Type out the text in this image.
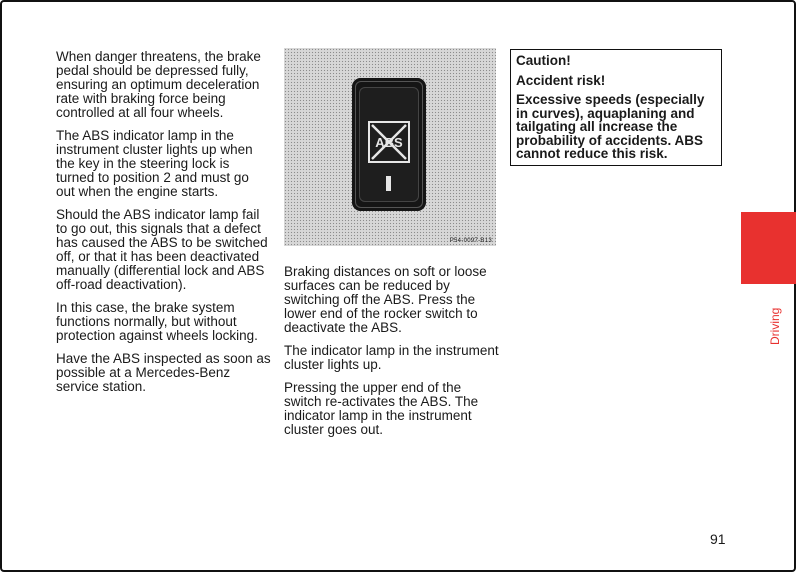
When danger threatens, the brake pedal should be depressed fully, ensuring an optimum deceleration rate with braking force being controlled at all four wheels.

The ABS indicator lamp in the instrument cluster lights up when the key in the steering lock is turned to position 2 and must go out when the engine starts.

Should the ABS indicator lamp fail to go out, this signals that a defect has caused the ABS to be switched off, or that it has been deactivated manually (differential lock and ABS off-road deactivation).

In this case, the brake system functions normally, but without protection against wheels locking.

Have the ABS inspected as soon as possible at a Mercedes-Benz service station.

ABS
P54-0097-B13

Braking distances on soft or loose surfaces can be reduced by switching off the ABS. Press the lower end of the rocker switch to deactivate the ABS.

The indicator lamp in the instrument cluster lights up.

Pressing the upper end of the switch re-activates the ABS. The indicator lamp in the instrument cluster goes out.

Caution!
Accident risk!
Excessive speeds (especially in curves), aquaplaning and tailgating all increase the probability of accidents. ABS cannot reduce this risk.
Driving
91
